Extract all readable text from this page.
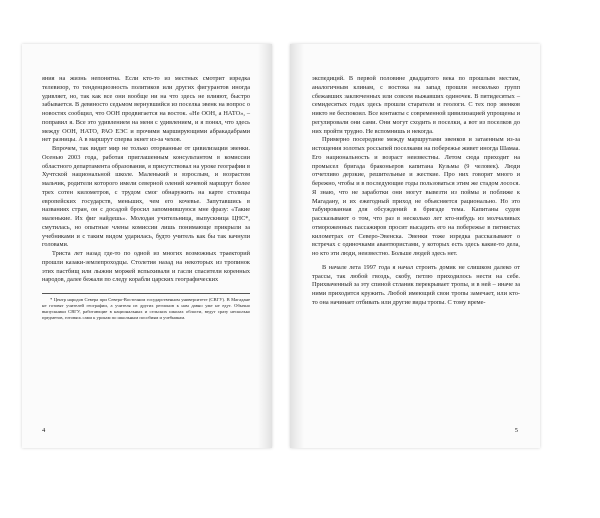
яния на жизнь непонятна. Если кто-то из местных смотрит изредка телевизор, то тенденциозность политиков или других фигурантов иногда удивляет, но, так как все они вообще ни на что здесь не влияют, быстро забывается. В девяносто седьмом вернувшийся из поселка эвенк на вопрос о новостях сообщил, что ООН продвигается на восток. «Не ООН, а НАТО», – поправил я. Все это удивлением на меня с удивлением, и я понял, что здесь между ООН, НАТО, РАО ЕЭС и прочими марширующими абракадабрами нет разницы. А в маршрут сперва экнет из-за чехов.

Впрочем, так видит мир не только оторванные от цивилизации эвенки. Осенью 2003 года, работая приглашенным консультантом в комиссии областного департамента образования, я присутствовал на уроке географии в Хучтской национальной школе. Маленький и взрослым, и возрастом мальчик, родители которого имели северной олений кочевой маршрут более трех сотен километров, с трудом смог обнаружить на карте столицы европейских государств, меньших, чем его кочевье. Запутавшись в названиях стран, он с досадой бросил запомнившуюся мне фразу: «Такие маленькие. Их фиг найдешь». Молодая учительница, выпускница ЦНС*, смутилась, но опытные члены комиссии лишь понимающе прикрыли за учебниками и с таким видом ударилась, будто учитель как бы так качнули головами.

Триста лет назад где-то по одной из многих возможных траекторий прошли казаки-землепроходцы. Столетия назад на некоторых из тропинок этих пастбищ или лыжни моржей вспыхивали и гасли спасители коренных народов, далее бежали по следу корабли царских географических

* Центр народов Севера при Северо-Восточном государственном университете (СВГУ). В Магадане не готовят учителей географии, а учителя из других регионов к нам давно уже не едут. Обычно выпускники СВГУ, работающие в национальных и сельских школах области, ведут сразу несколько предметов, готовясь сами к урокам по школьным пособиям и учебникам.

4

экспедиций. В первой половине двадцатого века по прошлым местам, аналогичным клинам, с востока на запад прошли несколько групп сбежавших заключенных или совсем выжавших одиночек. В пятидесятых – семидесятых годах здесь прошли старатели и геологи. С тех пор эвенков никто не беспокоил. Все контакты с современной цивилизацией упрощены и регулировали они сами. Они могут сходить в поселки, а вот из поселков до них пройти трудно. Не вспомнишь и некогда.

Примерно посередине между маршрутами эвенков и затаенным из-за истощения золотых россыпей поселками на побережье живет иногда Шамаа. Его национальность и возраст неизвестны. Летом сюда приходит на промысел бригада браконьеров капитана Кузьмы (9 человек). Люди отчетливо дерзкие, решительные и жесткие. Про них говорят много и бережно, чтобы и в последующие годы пользоваться этим же стадом лосося. Я знаю, что не заработки они могут вывезти из поймы и поближе к Магадану, и их ежегодный приход не объясняется рационально. Но это табуированная для обсуждений в бригаде тема. Капитаны судов рассказывают о том, что раз в несколько лет кто-нибудь из молчаливых отмороженных пассажиров просит высадить его на побережье в пятнистах километрах от Северо-Эвенска. Эвенки тоже изредка рассказывают о встречах с одиночками авантюристами, у которых есть здесь какие-то дела, но кто эти люди, неизвестно. Больше людей здесь нет.

В начале лета 1997 года я начал строить домик не слишком далеко от трассы, так любой гвоздь, скобу, петлю приходилось нести на себе. Прихваченный за эту спиной стланик перекрывает тропы, и в ней – иначе за ними приходится кружить. Любой имеющий свои тропы замечает, или кто-то она начинает отбивать или другие виды тропы. С тому време-

5
